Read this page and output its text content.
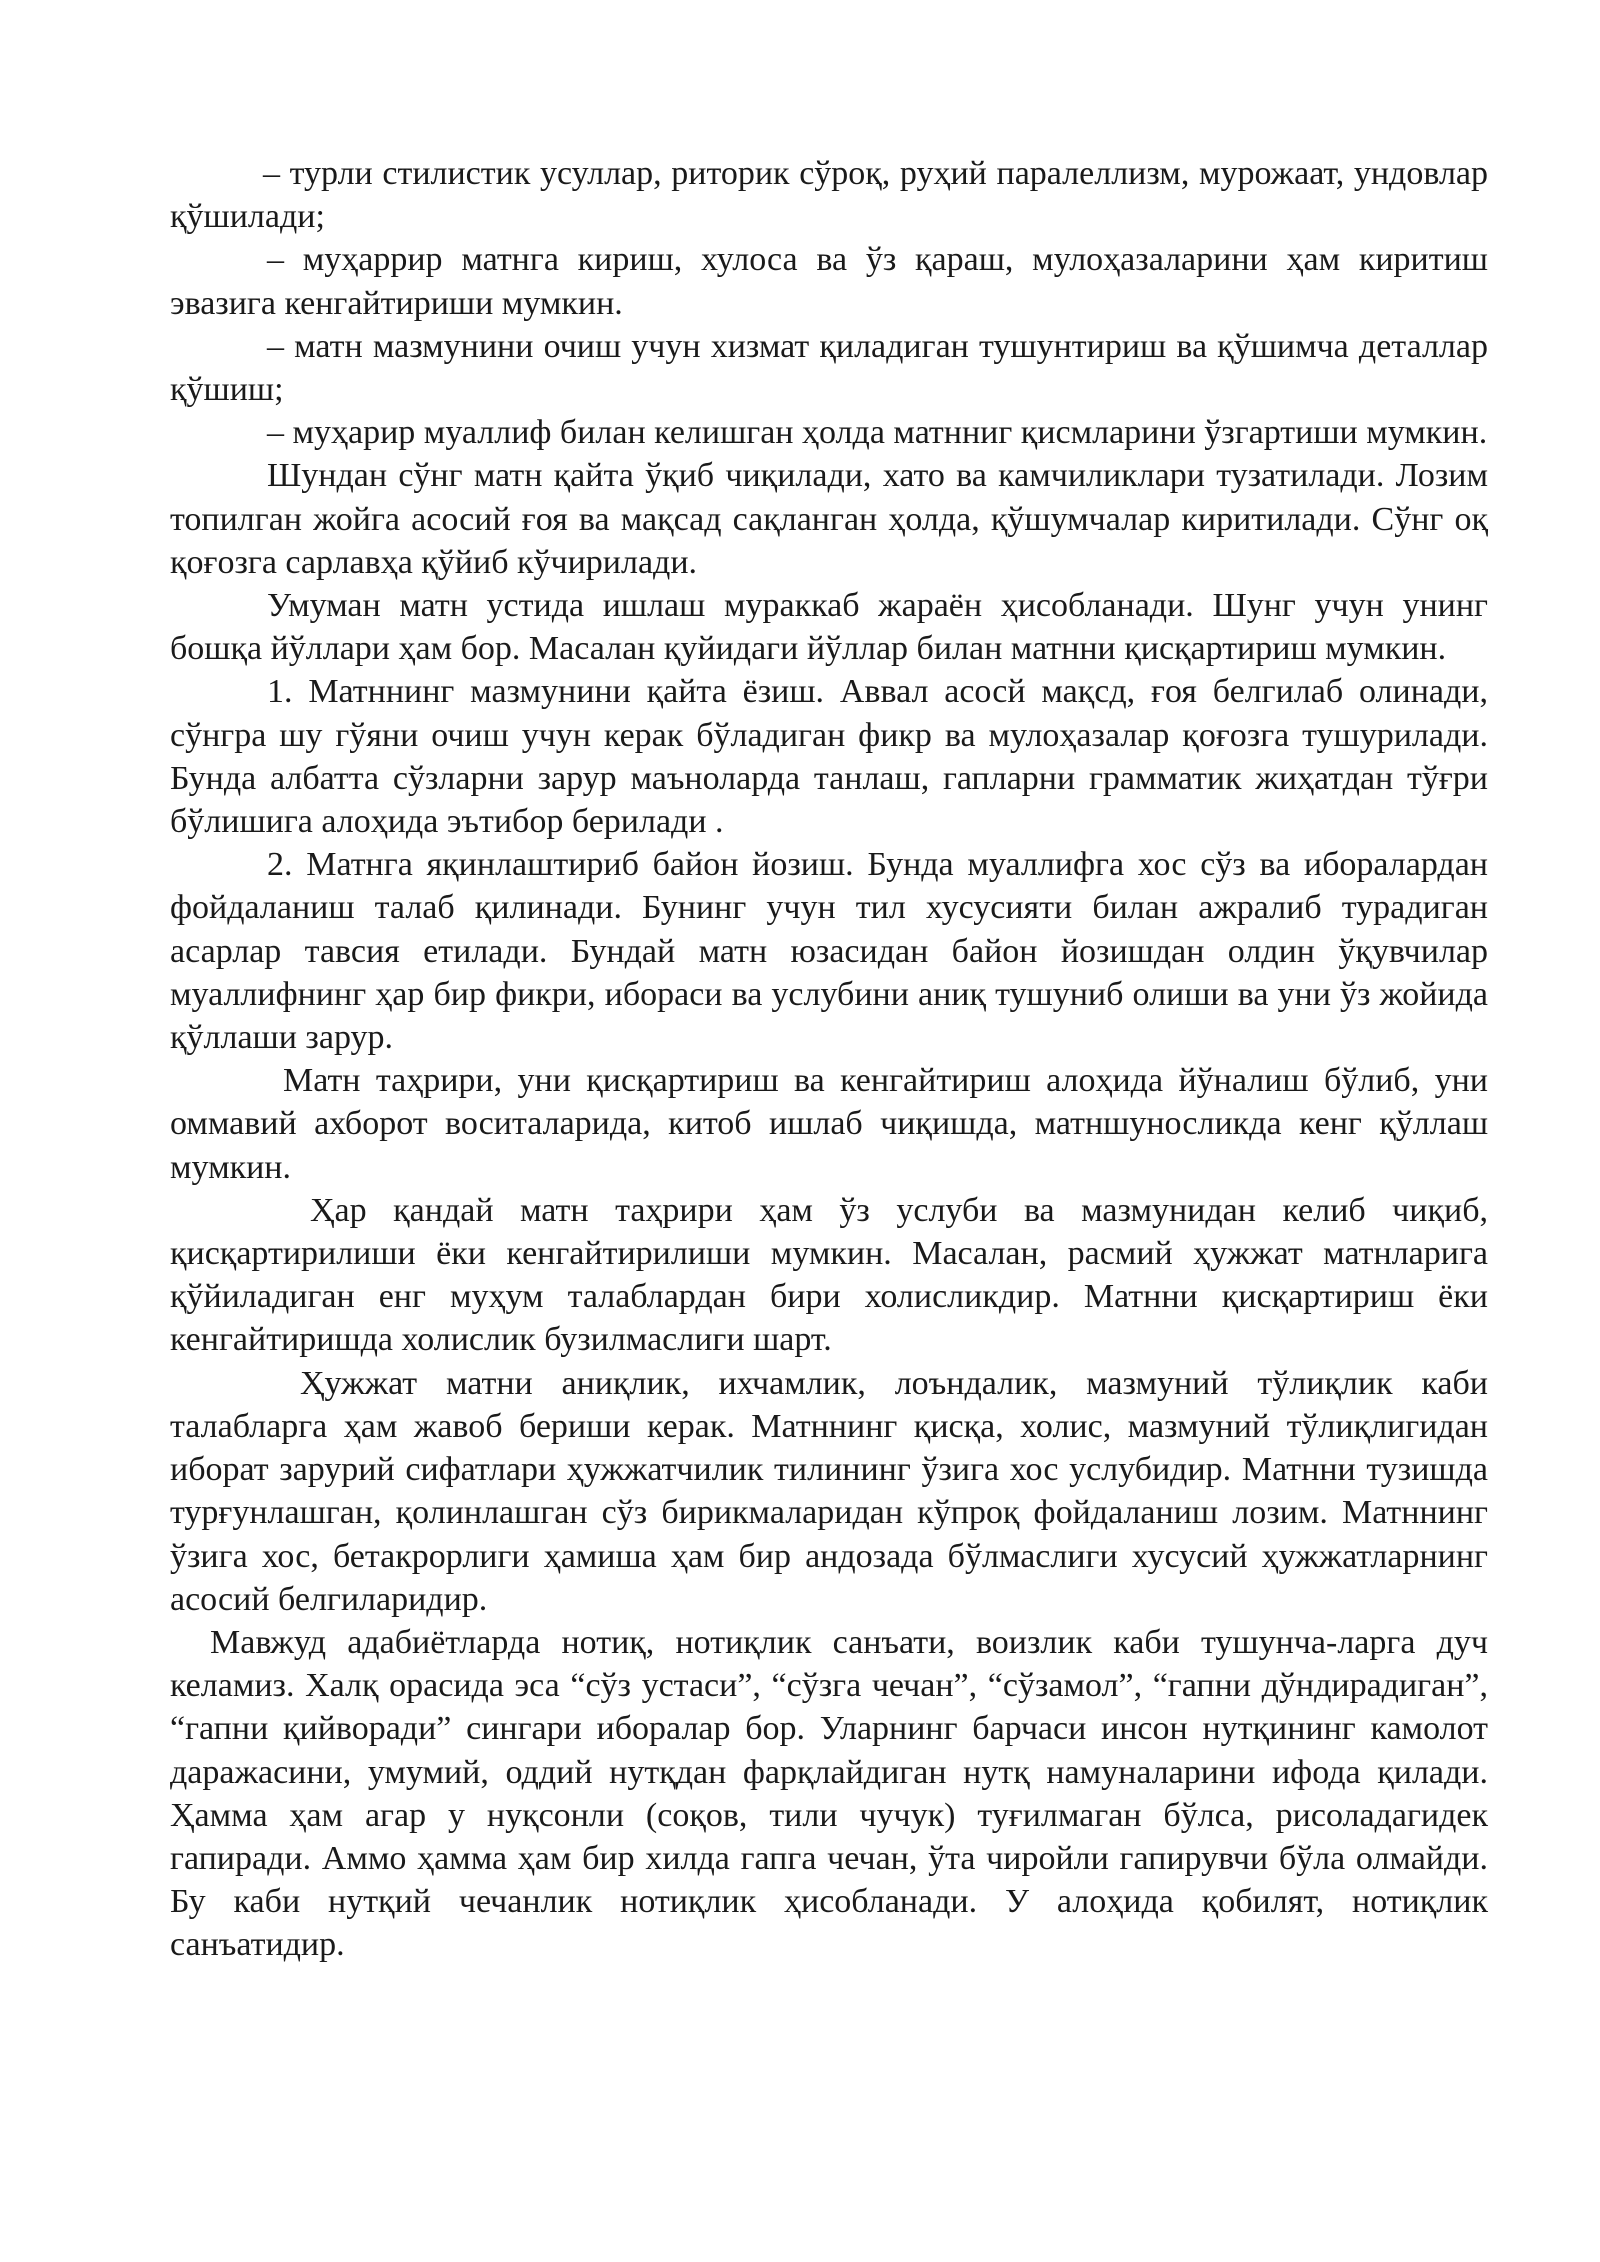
– турли стилистик усуллар, риторик сўроқ, руҳий паралеллизм, мурожаат, ундовлар қўшилади;

– муҳаррир матнга кириш, хулоса ва ўз қараш, мулоҳазаларини ҳам киритиш эвазига кенгайтириши мумкин.

– матн мазмунини очиш учун хизмат қиладиган тушунтириш ва қўшимча деталлар қўшиш;

– муҳарир муаллиф билан келишган ҳолда матнниг қисмларини ўзгартиши мумкин.

Шундан сўнг матн қайта ўқиб чиқилади, хато ва камчиликлари тузатилади. Лозим топилган жойга асосий ғоя ва мақсад сақланган ҳолда, қўшумчалар киритилади. Сўнг оқ қоғозга сарлавҳа қўйиб кўчирилади.

Умуман матн устида ишлаш мураккаб жараён ҳисобланади. Шунг учун унинг бошқа йўллари ҳам бор. Масалан қуйидаги йўллар билан матнни қисқартириш мумкин.

1. Матннинг мазмунини қайта ёзиш. Аввал асосй мақсд, ғоя белгилаб олинади, сўнгра шу гўяни очиш учун керак бўладиган фикр ва мулоҳазалар қоғозга тушурилади. Бунда албатта сўзларни зарур маъноларда танлаш, гапларни грамматик жиҳатдан тўғри бўлишига алоҳида эътибор берилади .

2. Матнга яқинлаштириб байон йозиш. Бунда муаллифга хос сўз ва ибoралардан фойдаланиш талаб қилинади. Бунинг учун тил хусусияти билан ажралиб турадиган асарлар тавсия етилади. Бундай матн юзасидан байон йозишдан олдин ўқувчилар муаллифнинг ҳар бир фикри, ибораси ва услубини аниқ тушуниб олиши ва уни ўз жойида қўллаши зарур.

Матн таҳрири, уни қисқартириш ва кенгайтириш алоҳида йўналиш бўлиб, уни оммавий ахборот воситаларида, китоб ишлаб чиқишда, матншуносликда кенг қўллаш мумкин.

Ҳар қандай матн таҳрири ҳам ўз услуби ва мазмунидан келиб чиқиб, қисқартирилиши ёки кенгайтирилиши мумкин. Масалан, расмий ҳужжат матнларига қўйиладиган енг муҳум талаблардан бири холисликдир. Матнни қисқартириш ёки кенгайтиришда холислик бузилмаслиги шарт.

Ҳужжат матни аниқлик, ихчамлик, лоъндалик, мазмуний тўлиқлик каби талабларга ҳам жавоб бериши керак. Матннинг қисқа, холис, мазмуний тўлиқлигидан иборат зарурий сифатлари ҳужжатчилик тилининг ўзига хос услубидир. Матнни тузишда турғунлашган, қолинлашган сўз бирикмаларидан кўпроқ фойдаланиш лозим. Матннинг ўзига хос, бетакрорлиги ҳамиша ҳам бир андозада бўлмаслиги хусусий ҳужжатларнинг асосий белгиларидир.

Мавжуд адабиётларда нотиқ, нотиқлик санъати, воизлик каби тушунча-ларга дуч келамиз. Халқ орасида эса “сўз устаси”, “сўзга чечан”, “сўзамол”, “гапни дўндирадиган”, “гапни қийворади” сингари иборалар бор. Уларнинг барчаси инсон нутқининг камолот даражасини, умумий, оддий нутқдан фарқлайдиган нутқ намуналарини ифода қилади. Ҳамма ҳам агар у нуқсонли (соқов, тили чучук) туғилмаган бўлса, рисоладагидек гапиради. Аммо ҳамма ҳам бир хилда гапга чечан, ўта чиройли гапирувчи бўла олмайди. Бу каби нутқий чечанлик нотиқлик ҳисобланади. У алоҳида қобилят, нотиқлик санъатидир.
